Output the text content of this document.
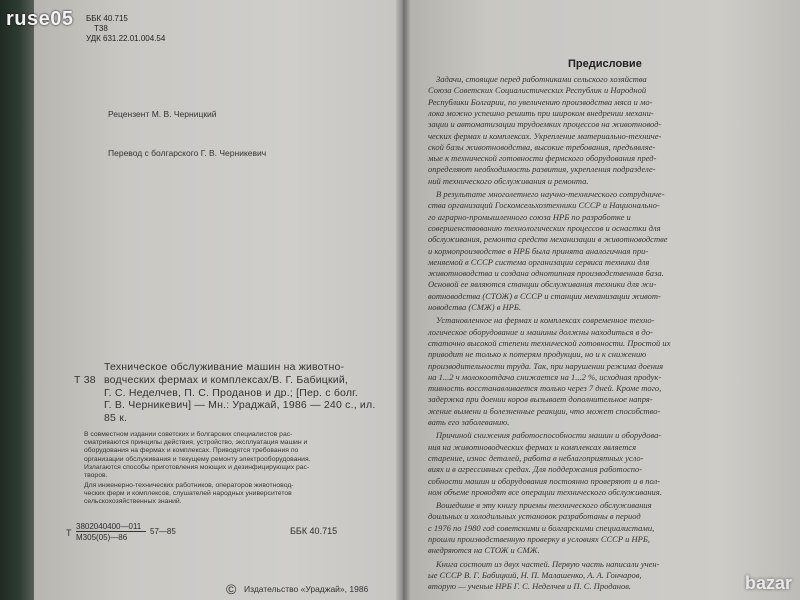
ruse05 ББК 40.715
Т38
УДК 631.22.01.004.54
Рецензент М. В. Черницкий
Перевод с болгарского Г. В. Черникевич
Т 38
Техническое обслуживание машин на животно-
водческих фермах и комплексах/В. Г. Бабицкий,
Г. С. Неделчев, П. С. Проданов и др.; [Пер. с болг.
Г. В. Черникевич] — Мн.: Ураджай, 1986 — 240 с., ил.
85 к.
В совместном издании советских и болгарских специалистов рас-
сматриваются принципы действия, устройство, эксплуатация машин и
оборудования на фермах и комплексах. Приводятся требования по
организации обслуживания и текущему ремонту электрооборудования.
Излагаются способы приготовления моющих и дезинфицирующих рас-
творов.
Для инженерно-технических работников, операторов животновод-
ческих ферм и комплексов, слушателей народных университетов
сельскохозяйственных знаний.
Т
3802040400—011
М305(05)—86
57—85	ББК 40.715
© Издательство «Ураджай», 1986
Предисловие
Задачи, стоящие перед работниками сельского хозяйства
Союза Советских Социалистических Республик и Народной
Республики Болгарии, по увеличению производства мяса и мо-
лока можно успешно решить при широком внедрении механи-
зации и автоматизации трудоемких процессов на животновод-
ческих фермах и комплексах. Укрепление материально-техниче-
ской базы животноводства, высокие требования, предъявляе-
мые к технической готовности фермского оборудования пред-
определяют необходимость развития, укрепления подразделе-
ний технического обслуживания и ремонта.
В результате многолетнего научно-технического сотрудниче-
ства организаций Госкомсельхозтехники СССР и Национально-
го аграрно-промышленного союза НРБ по разработке и
совершенствованию технологических процессов и оснастки для
обслуживания, ремонта средств механизации в животноводстве
и кормопроизводстве в НРБ была принята аналогичная при-
меняемой в СССР система организации сервиса техники для
животноводства и создана однотипная производственная база.
Основой ее являются станции обслуживания техники для жи-
вотноводства (СТОЖ) в СССР и станции механизации живот-
новодства (СМЖ) в НРБ.
Установленное на фермах и комплексах современное техно-
логическое оборудование и машины должны находиться в до-
статочно высокой степени технической готовности. Простой их
приводит не только к потерям продукции, но и к снижению
производительности труда. Так, при нарушении режима доения
на 1...2 ч молокоотдача снижается на 1...2 %, исходная продук-
тивность восстанавливается только через 7 дней. Кроме того,
задержка при доении коров вызывает дополнительное напря-
жение вымени и болезненные реакции, что может способство-
вать его заболеванию.
Причиной снижения работоспособности машин и оборудова-
ния на животноводческих фермах и комплексах является
старение, износ деталей, работа в неблагоприятных усло-
виях и в агрессивных средах. Для поддержания работоспо-
собности машин и оборудования постоянно проверяют и в пол-
ном объеме проводят все операции технического обслуживания.
Вошедшие в эту книгу приемы технического обслуживания
доильных и холодильных установок разработаны в период
с 1976 по 1980 год советскими и болгарскими специалистами,
прошли производственную проверку в условиях СССР и НРБ,
внедряются на СТОЖ и СМЖ.
Книга состоит из двух частей. Первую часть написали учен-
ые СССР В. Г. Бабицкий, Н. П. Малашенко, А. А. Гончаров,
вторую — ученые НРБ Г. С. Неделчев и П. С. Проданов.	bazar
